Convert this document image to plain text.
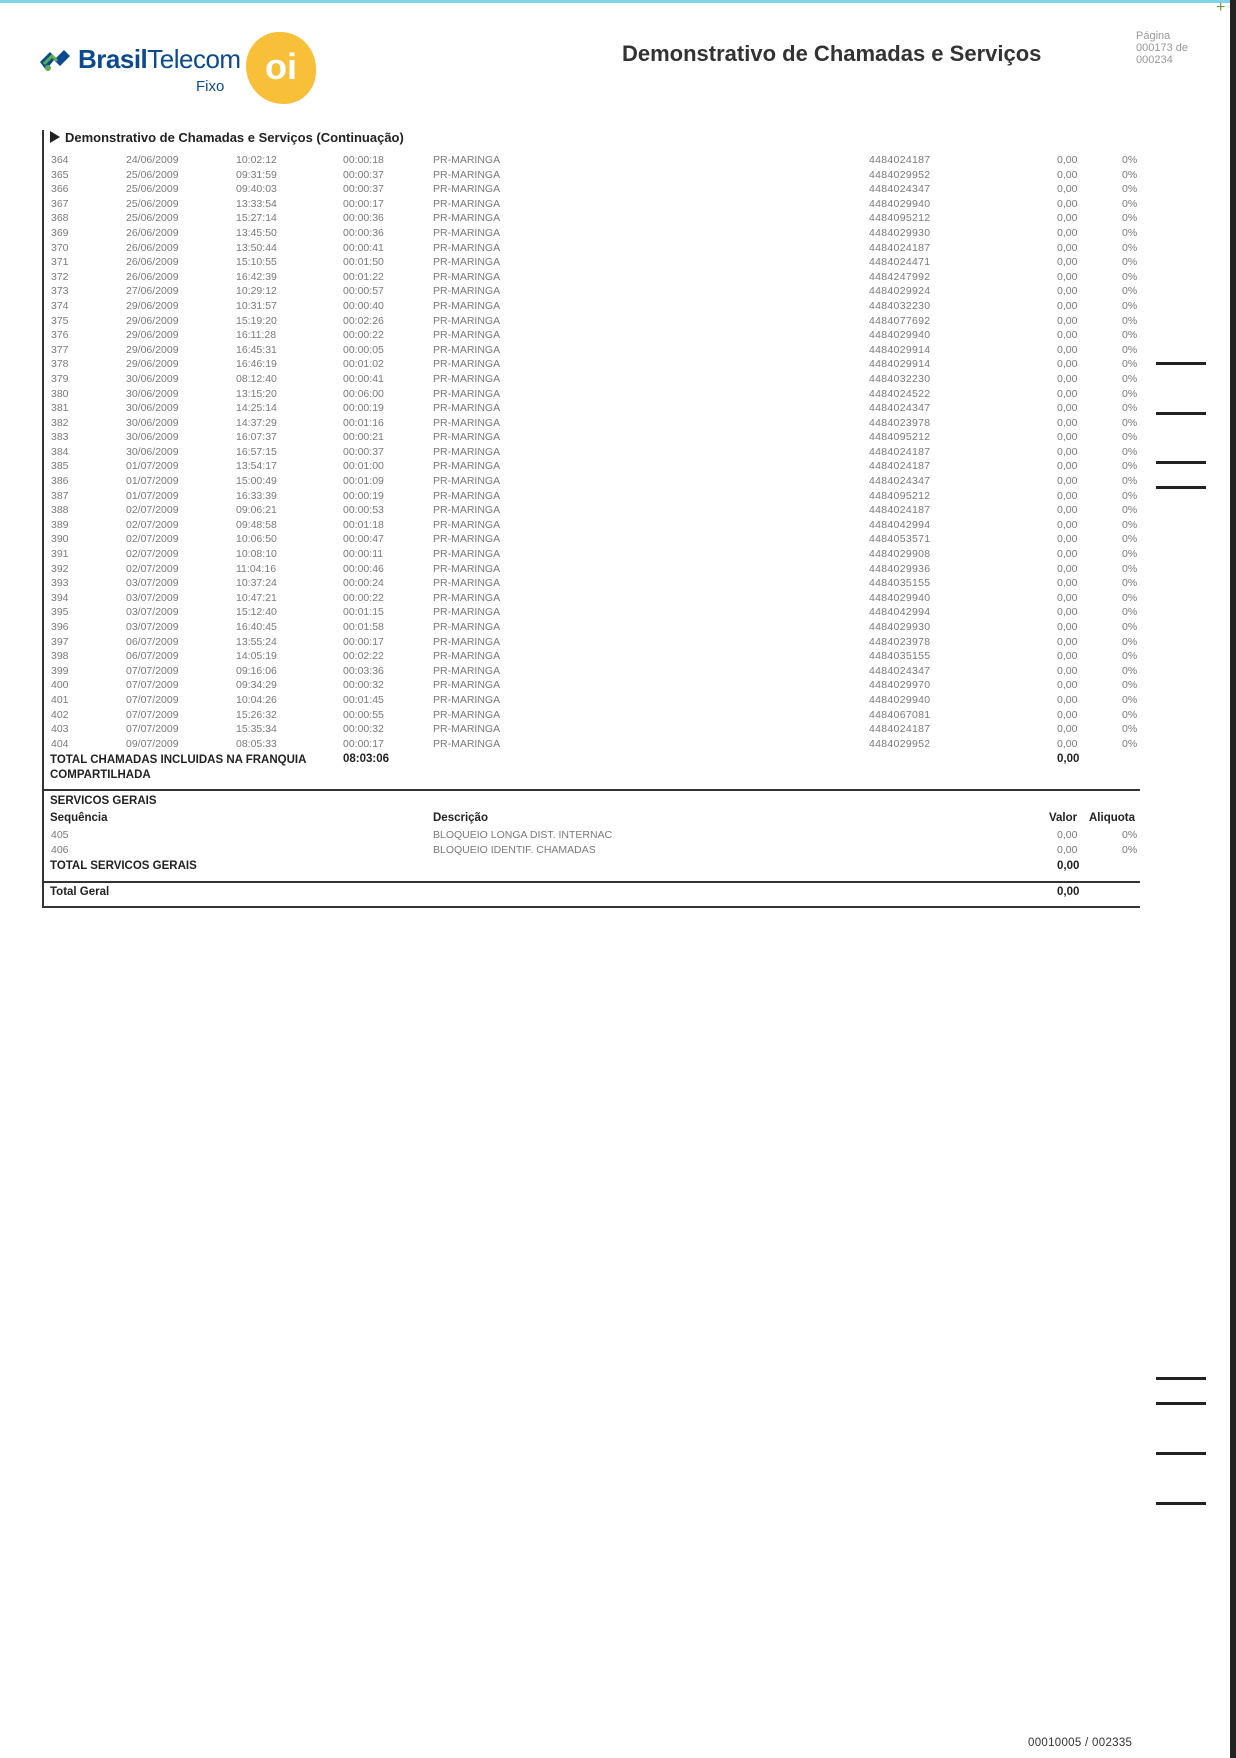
+
BrasilTelecom
Fixo	oi	Demonstrativo de Chamadas e Serviços
Página
000173 de
000234
Demonstrativo de Chamadas e Serviços (Continuação)
364	24/06/2009	10:02:12	00:00:18	PR-MARINGA	4484024187	0,00	0%
365	25/06/2009	09:31:59	00:00:37	PR-MARINGA	4484029952	0,00	0%
366	25/06/2009	09:40:03	00:00:37	PR-MARINGA	4484024347	0,00	0%
367	25/06/2009	13:33:54	00:00:17	PR-MARINGA	4484029940	0,00	0%
368	25/06/2009	15:27:14	00:00:36	PR-MARINGA	4484095212	0,00	0%
369	26/06/2009	13:45:50	00:00:36	PR-MARINGA	4484029930	0,00	0%
370	26/06/2009	13:50:44	00:00:41	PR-MARINGA	4484024187	0,00	0%
371	26/06/2009	15:10:55	00:01:50	PR-MARINGA	4484024471	0,00	0%
372	26/06/2009	16:42:39	00:01:22	PR-MARINGA	4484247992	0,00	0%
373	27/06/2009	10:29:12	00:00:57	PR-MARINGA	4484029924	0,00	0%
374	29/06/2009	10:31:57	00:00:40	PR-MARINGA	4484032230	0,00	0%
375	29/06/2009	15:19:20	00:02:26	PR-MARINGA	4484077692	0,00	0%
376	29/06/2009	16:11:28	00:00:22	PR-MARINGA	4484029940	0,00	0%
377	29/06/2009	16:45:31	00:00:05	PR-MARINGA	4484029914	0,00	0%
378	29/06/2009	16:46:19	00:01:02	PR-MARINGA	4484029914	0,00	0%
379	30/06/2009	08:12:40	00:00:41	PR-MARINGA	4484032230	0,00	0%
380	30/06/2009	13:15:20	00:06:00	PR-MARINGA	4484024522	0,00	0%
381	30/06/2009	14:25:14	00:00:19	PR-MARINGA	4484024347	0,00	0%
382	30/06/2009	14:37:29	00:01:16	PR-MARINGA	4484023978	0,00	0%
383	30/06/2009	16:07:37	00:00:21	PR-MARINGA	4484095212	0,00	0%
384	30/06/2009	16:57:15	00:00:37	PR-MARINGA	4484024187	0,00	0%
385	01/07/2009	13:54:17	00:01:00	PR-MARINGA	4484024187	0,00	0%
386	01/07/2009	15:00:49	00:01:09	PR-MARINGA	4484024347	0,00	0%
387	01/07/2009	16:33:39	00:00:19	PR-MARINGA	4484095212	0,00	0%
388	02/07/2009	09:06:21	00:00:53	PR-MARINGA	4484024187	0,00	0%
389	02/07/2009	09:48:58	00:01:18	PR-MARINGA	4484042994	0,00	0%
390	02/07/2009	10:06:50	00:00:47	PR-MARINGA	4484053571	0,00	0%
391	02/07/2009	10:08:10	00:00:11	PR-MARINGA	4484029908	0,00	0%
392	02/07/2009	11:04:16	00:00:46	PR-MARINGA	4484029936	0,00	0%
393	03/07/2009	10:37:24	00:00:24	PR-MARINGA	4484035155	0,00	0%
394	03/07/2009	10:47:21	00:00:22	PR-MARINGA	4484029940	0,00	0%
395	03/07/2009	15:12:40	00:01:15	PR-MARINGA	4484042994	0,00	0%
396	03/07/2009	16:40:45	00:01:58	PR-MARINGA	4484029930	0,00	0%
397	06/07/2009	13:55:24	00:00:17	PR-MARINGA	4484023978	0,00	0%
398	06/07/2009	14:05:19	00:02:22	PR-MARINGA	4484035155	0,00	0%
399	07/07/2009	09:16:06	00:03:36	PR-MARINGA	4484024347	0,00	0%
400	07/07/2009	09:34:29	00:00:32	PR-MARINGA	4484029970	0,00	0%
401	07/07/2009	10:04:26	00:01:45	PR-MARINGA	4484029940	0,00	0%
402	07/07/2009	15:26:32	00:00:55	PR-MARINGA	4484067081	0,00	0%
403	07/07/2009	15:35:34	00:00:32	PR-MARINGA	4484024187	0,00	0%
404	09/07/2009	08:05:33	00:00:17	PR-MARINGA	4484029952	0,00	0%
TOTAL CHAMADAS INCLUIDAS NA FRANQUIA COMPARTILHADA
08:03:06	0,00
SERVICOS GERAIS
Sequência	Descrição	Valor Aliquota
405	BLOQUEIO LONGA DIST. INTERNAC	0,00	0%
406	BLOQUEIO IDENTIF. CHAMADAS	0,00	0%
TOTAL SERVICOS GERAIS	0,00
Total Geral	0,00
00010005 / 002335
